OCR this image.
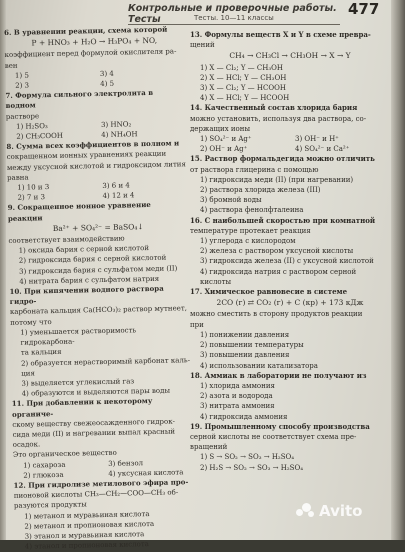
Контрольные и проверочные работы. Тесты	Тесты. 10—11 классы	477
6. В уравнении реакции, схема которой
P + HNO₃ + H₂O → H₃PO₄ + NO,
коэффициент перед формулой окислителя ра-
вен
1) 5	3) 4
2) 3	4) 5
7. Формула сильного электролита в водном
растворе
1) H₂SO₃	3) HNO₂
2) CH₃COOH	4) NH₄OH
8. Сумма всех коэффициентов в полном и
сокращенном ионных уравнениях реакции
между уксусной кислотой и гидроксидом лития
равна
1) 10 и 3	3) 6 и 4
2) 7 и 3	4) 12 и 4
9. Сокращенное ионное уравнение реакции
Ba²⁺ + SO₄²⁻ = BaSO₄↓
соответствует взаимодействию
1) оксида бария с серной кислотой
2) гидроксида бария с серной кислотой
3) гидроксида бария с сульфатом меди (II)
4) нитрата бария с сульфатом натрия
10. При кипячении водного раствора гидро-
карбоната кальция Ca(HCO₃)₂ раствор мутнеет,
потому что
1) уменьшается растворимость гидрокарбона-
та кальция
2) образуется нерастворимый карбонат каль-
ция
3) выделяется углекислый газ
4) образуются и выделяются пары воды
11. При добавлении к некоторому органиче-
скому веществу свежеосажденного гидрок-
сида меди (II) и нагревании выпал красный осадок.
Это органическое вещество
1) сахароза	3) бензол
2) глюкоза	4) уксусная кислота
12. При гидролизе метилового эфира про-
пионовой кислоты CH₃—CH₂—COO—CH₃ об-
разуются продукты
1) метанол и муравьиная кислота
2) метанол и пропионовая кислота
3) этанол и муравьиная кислота
4) этанол и пропионовая кислота
13. Формулы веществ X и Y в схеме превра-
щений
CH₄ → CH₃Cl → CH₃OH → X → Y
1) X — Cl₂; Y — CH₃OH
2) X — HCl; Y — CH₃OH
3) X — Cl₂; Y — HCOOH
4) X — HCl; Y — HCOOH
14. Качественный состав хлорида бария
можно установить, используя два раствора, со-
держащих ионы
1) SO₄²⁻ и Ag⁺	3) OH⁻ и H⁺
2) OH⁻ и Ag⁺	4) SO₄²⁻ и Ca²⁺
15. Раствор формальдегида можно отличить
от раствора глицерина с помощью
1) гидроксида меди (II) (при нагревании)
2) раствора хлорида железа (III)
3) бромной воды
4) раствора фенолфталеина
16. С наибольшей скоростью при комнатной
температуре протекает реакция
1) углерода с кислородом
2) железа с раствором уксусной кислоты
3) гидроксида железа (II) с уксусной кислотой
4) гидроксида натрия с раствором серной
кислоты
17. Химическое равновесие в системе
2CO (г) ⇄ CO₂ (г) + C (кр) + 173 кДж
можно сместить в сторону продуктов реакции
при
1) понижении давления
2) повышении температуры
3) повышении давления
4) использовании катализатора
18. Аммиак в лаборатории не получают из
1) хлорида аммония
2) азота и водорода
3) нитрата аммония
4) гидроксида аммония
19. Промышленному способу производства
серной кислоты не соответствует схема пре-
вращений
1) S → SO₂ → SO₃ → H₂SO₄
2) H₂S → SO₂ → SO₃ → H₂SO₄
Avito
